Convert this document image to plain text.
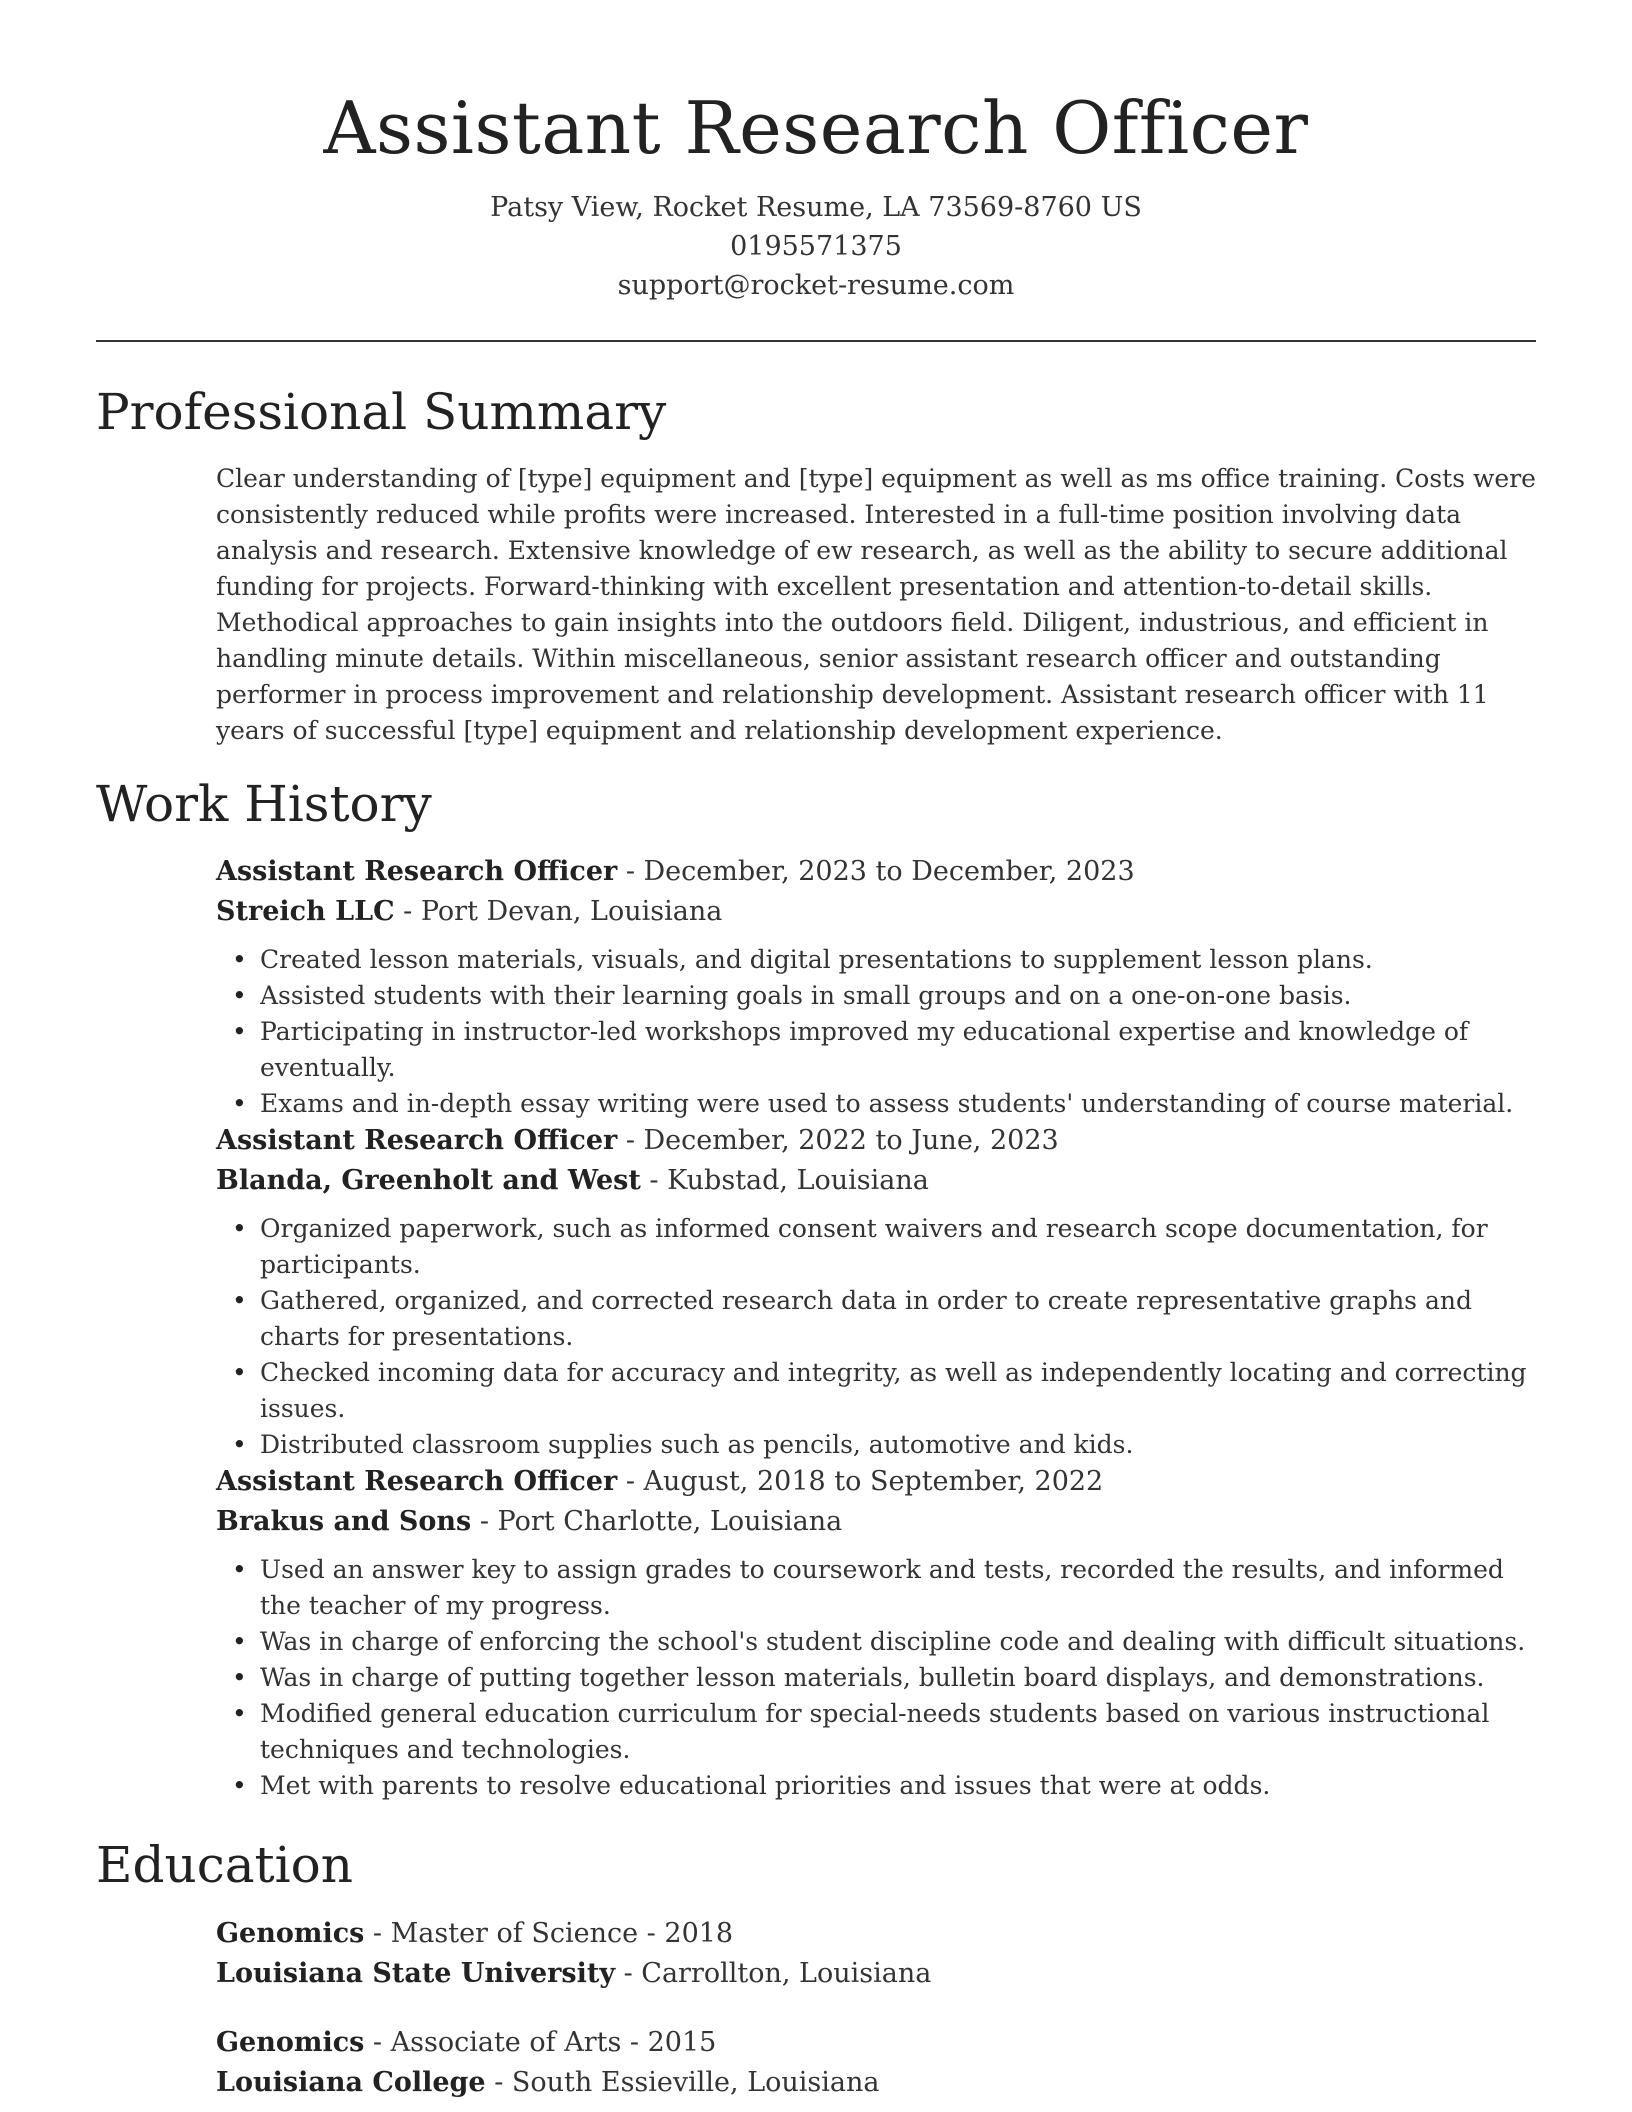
Assistant Research Officer
Patsy View, Rocket Resume, LA 73569-8760 US
0195571375
support@rocket-resume.com
Professional Summary

Clear understanding of [type] equipment and [type] equipment as well as ms office training. Costs were consistently reduced while profits were increased. Interested in a full-time position involving data analysis and research. Extensive knowledge of ew research, as well as the ability to secure additional funding for projects. Forward-thinking with excellent presentation and attention-to-detail skills. Methodical approaches to gain insights into the outdoors field. Diligent, industrious, and efficient in handling minute details. Within miscellaneous, senior assistant research officer and outstanding performer in process improvement and relationship development. Assistant research officer with 11 years of successful [type] equipment and relationship development experience.

Work History
Assistant Research Officer - December, 2023 to December, 2023
Streich LLC - Port Devan, Louisiana
• Created lesson materials, visuals, and digital presentations to supplement lesson plans.
• Assisted students with their learning goals in small groups and on a one-on-one basis.
• Participating in instructor-led workshops improved my educational expertise and knowledge of eventually.
• Exams and in-depth essay writing were used to assess students' understanding of course material.
Assistant Research Officer - December, 2022 to June, 2023
Blanda, Greenholt and West - Kubstad, Louisiana
• Organized paperwork, such as informed consent waivers and research scope documentation, for participants.
• Gathered, organized, and corrected research data in order to create representative graphs and charts for presentations.
• Checked incoming data for accuracy and integrity, as well as independently locating and correcting issues.
• Distributed classroom supplies such as pencils, automotive and kids.
Assistant Research Officer - August, 2018 to September, 2022
Brakus and Sons - Port Charlotte, Louisiana
• Used an answer key to assign grades to coursework and tests, recorded the results, and informed the teacher of my progress.
• Was in charge of enforcing the school's student discipline code and dealing with difficult situations.
• Was in charge of putting together lesson materials, bulletin board displays, and demonstrations.
• Modified general education curriculum for special-needs students based on various instructional techniques and technologies.
• Met with parents to resolve educational priorities and issues that were at odds.
Education
Genomics - Master of Science - 2018
Louisiana State University - Carrollton, Louisiana
Genomics - Associate of Arts - 2015
Louisiana College - South Essieville, Louisiana
